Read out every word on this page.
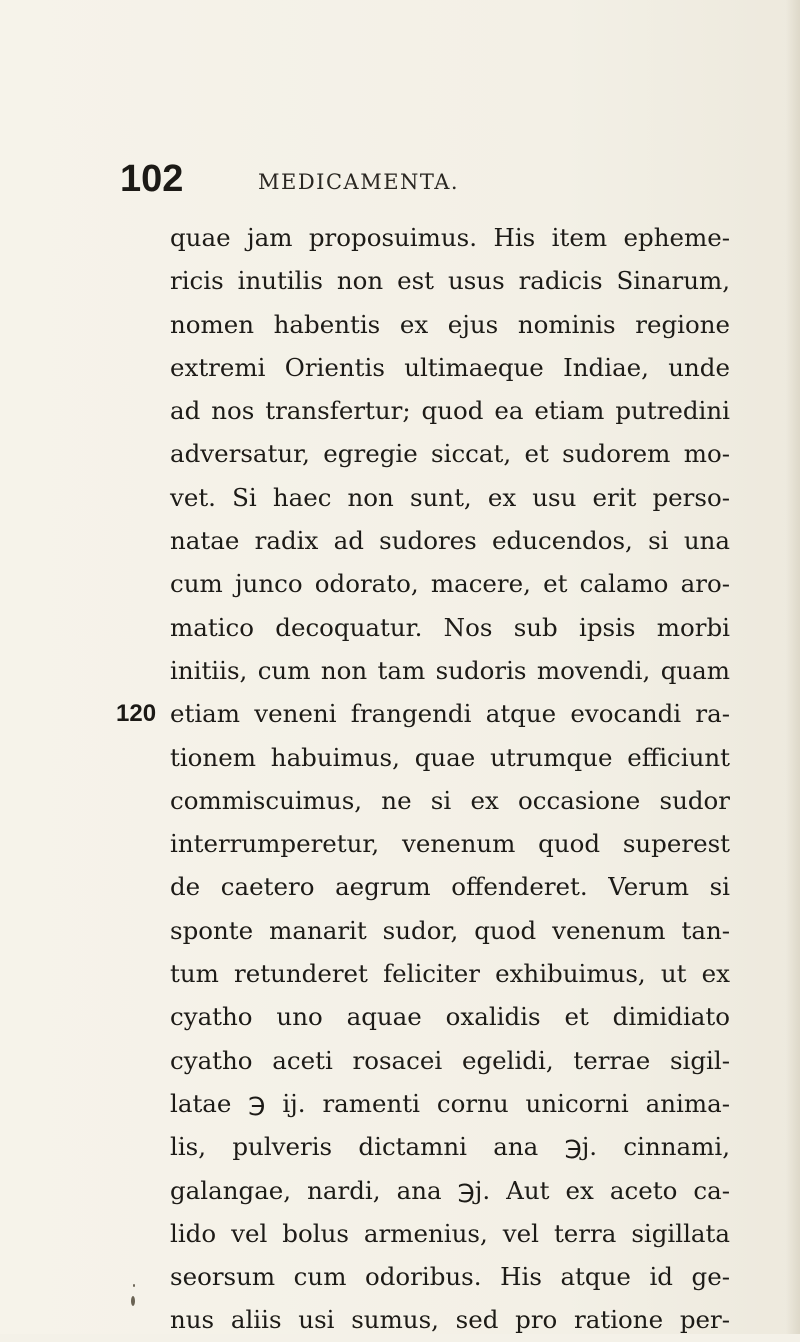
102	MEDICAMENTA.
quae jam proposuimus. His item epheme-
ricis inutilis non est usus radicis Sinarum,
nomen habentis ex ejus nominis regione
extremi Orientis ultimaeque Indiae, unde
ad nos transfertur; quod ea etiam putredini
adversatur, egregie siccat, et sudorem mo-
vet. Si haec non sunt, ex usu erit perso-
natae radix ad sudores educendos, si una
cum junco odorato, macere, et calamo aro-
matico decoquatur. Nos sub ipsis morbi
initiis, cum non tam sudoris movendi, quam
120 etiam veneni frangendi atque evocandi ra-
tionem habuimus, quae utrumque efficiunt
commiscuimus, ne si ex occasione sudor
interrumperetur, venenum quod superest
de caetero aegrum offenderet. Verum si
sponte manarit sudor, quod venenum tan-
tum retunderet feliciter exhibuimus, ut ex
cyatho uno aquae oxalidis et dimidiato
cyatho aceti rosacei egelidi, terrae sigil-
latae ℈ ij. ramenti cornu unicorni anima-
lis, pulveris dictamni ana ℈j. cinnami,
galangae, nardi, ana ℈j. Aut ex aceto ca-
lido vel bolus armenius, vel terra sigillata
seorsum cum odoribus. His atque id ge-
nus aliis usi sumus, sed pro ratione per-
